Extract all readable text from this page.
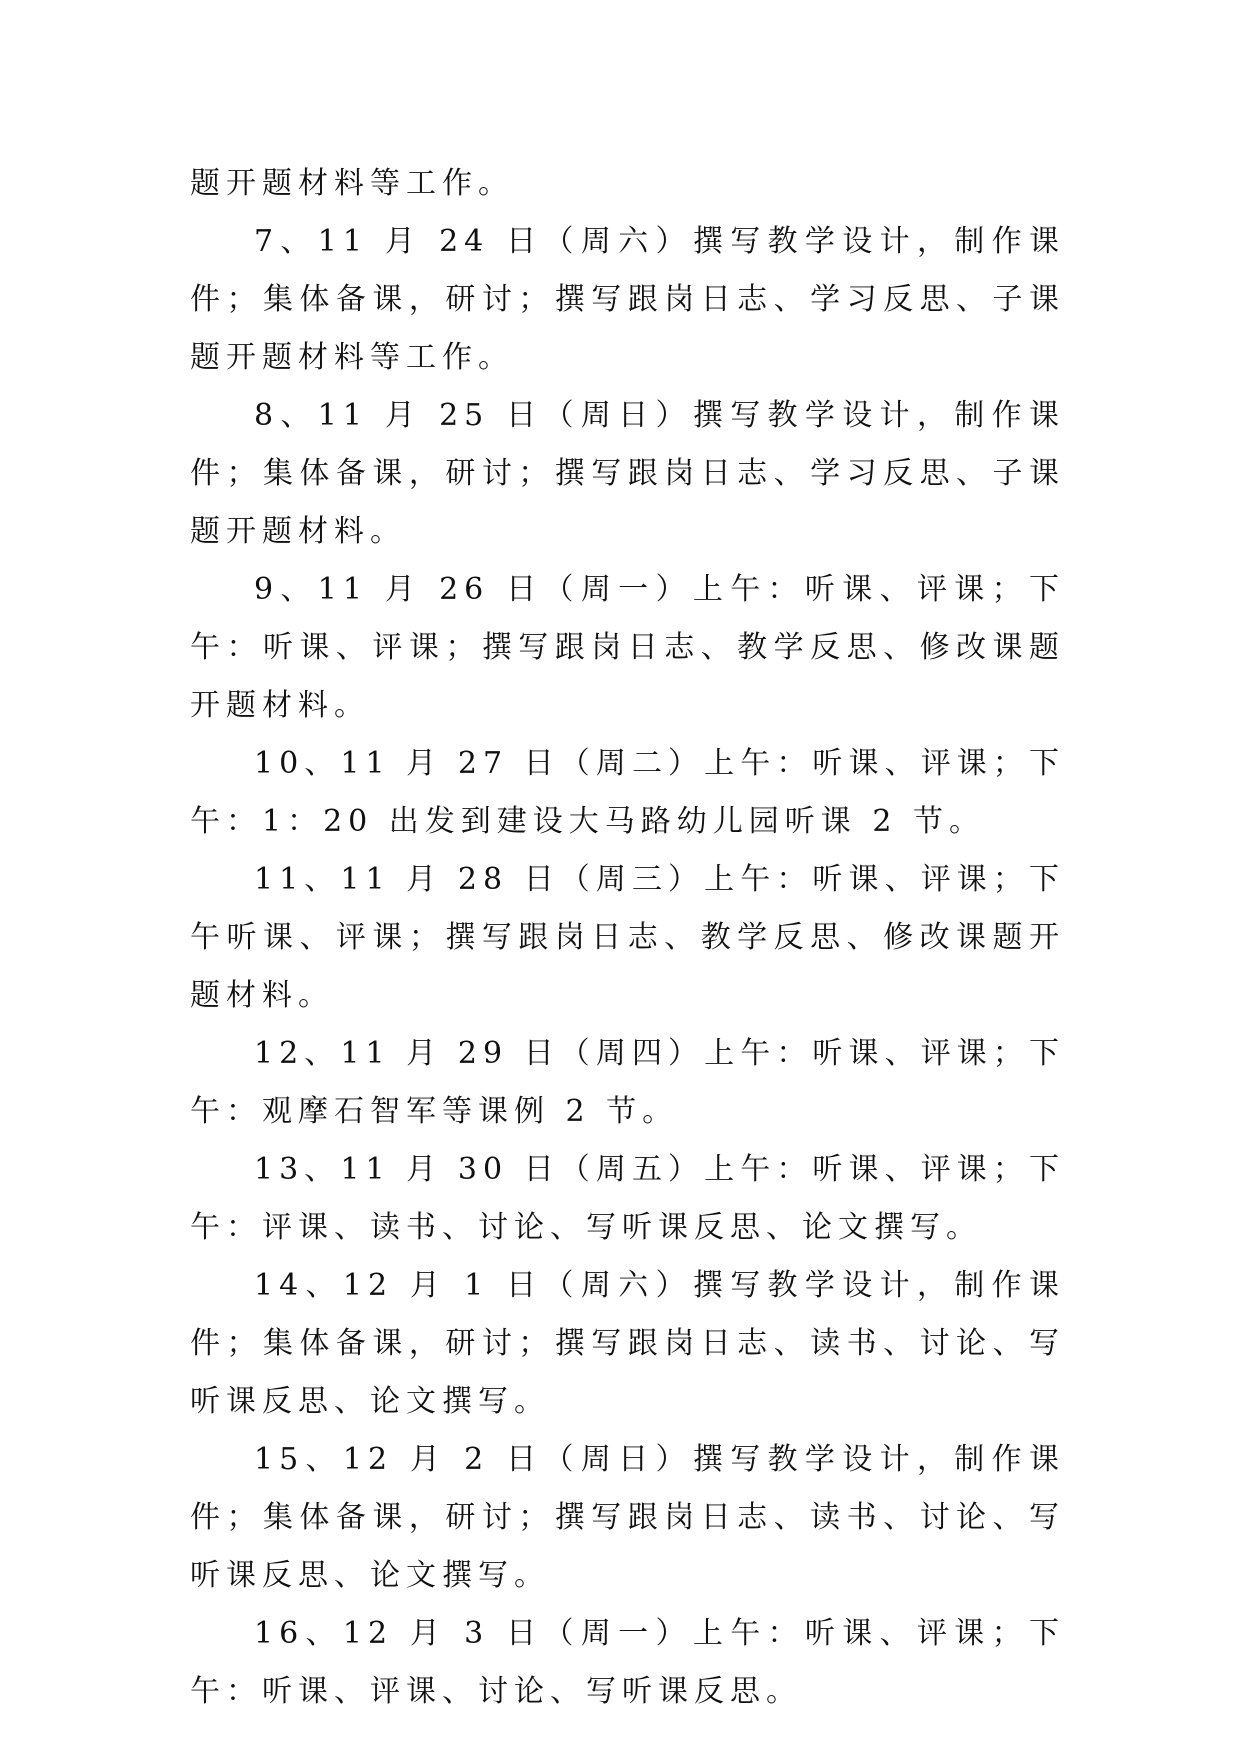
题开题材料等工作。

7、11 月 24 日（周六）撰写教学设计，制作课件；集体备课，研讨；撰写跟岗日志、学习反思、子课题开题材料等工作。

8、11 月 25 日（周日）撰写教学设计，制作课件；集体备课，研讨；撰写跟岗日志、学习反思、子课题开题材料。

9、11 月 26 日（周一）上午：听课、评课；下午：听课、评课；撰写跟岗日志、教学反思、修改课题开题材料。

10、11 月 27 日（周二）上午：听课、评课；下午：1：20 出发到建设大马路幼儿园听课 2 节。

11、11 月 28 日（周三）上午：听课、评课；下午听课、评课；撰写跟岗日志、教学反思、修改课题开题材料。

12、11 月 29 日（周四）上午：听课、评课；下午：观摩石智军等课例 2 节。

13、11 月 30 日（周五）上午：听课、评课；下午：评课、读书、讨论、写听课反思、论文撰写。

14、12 月 1 日（周六）撰写教学设计，制作课件；集体备课，研讨；撰写跟岗日志、读书、讨论、写听课反思、论文撰写。

15、12 月 2 日（周日）撰写教学设计，制作课件；集体备课，研讨；撰写跟岗日志、读书、讨论、写听课反思、论文撰写。

16、12 月 3 日（周一）上午：听课、评课；下午：听课、评课、讨论、写听课反思。
